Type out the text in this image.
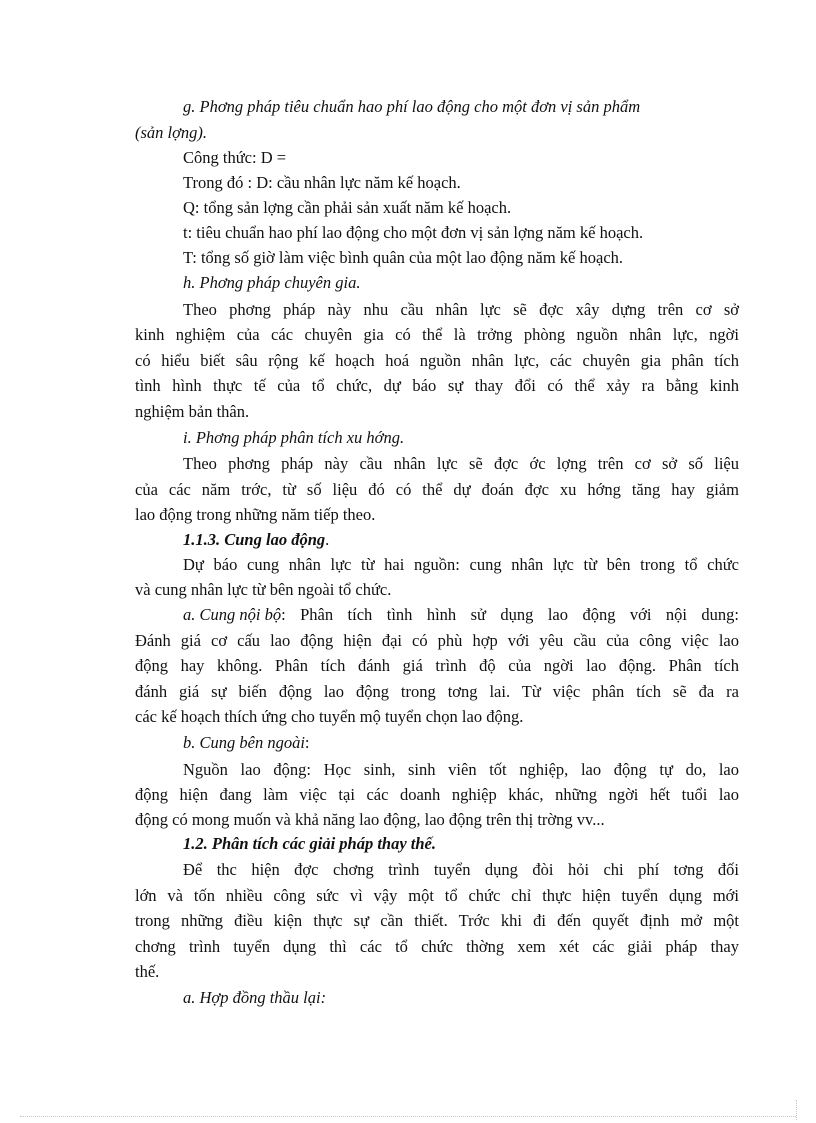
g. Phơng pháp tiêu chuẩn hao phí lao động cho một đơn vị sản phẩm
(sản lợng).
Công thức: D =
Trong đó : D: cầu nhân lực năm kế hoạch.
Q: tổng sản lợng cần phải sản xuất năm kế hoạch.
t: tiêu chuẩn hao phí lao động cho một đơn vị sản lợng năm kế hoạch.
T: tổng số giờ làm việc bình quân của một lao động năm kế hoạch.
h. Phơng pháp chuyên gia.
Theo phơng pháp này nhu cầu nhân lực sẽ đợc xây dựng trên cơ sở
kinh nghiệm của các chuyên gia có thể là trởng phòng nguồn nhân lực, ngời
có hiểu biết sâu rộng kế hoạch hoá nguồn nhân lực, các chuyên gia phân tích
tình hình thực tế của tổ chức, dự báo sự thay đổi có thể xảy ra bằng kinh
nghiệm bản thân.
i. Phơng pháp phân tích xu hớng.
Theo phơng pháp này cầu nhân lực sẽ đợc ớc lợng trên cơ sở số liệu
của các năm trớc, từ số liệu đó có thể dự đoán đợc xu hớng tăng hay giảm
lao động trong những năm tiếp theo.
1.1.3. Cung lao động.
Dự báo cung nhân lực từ hai nguồn: cung nhân lực từ bên trong tổ chức
và cung nhân lực từ bên ngoài tổ chức.
a. Cung nội bộ : Phân tích tình hình sử dụng lao động với nội dung:
Đánh giá cơ cấu lao động hiện đại có phù hợp với yêu cầu của công việc lao
động hay không. Phân tích đánh giá trình độ của ngời lao động. Phân tích
đánh giá sự biến động lao động trong tơng lai. Từ việc phân tích sẽ đa ra
các kế hoạch thích ứng cho tuyển mộ tuyển chọn lao động.
b. Cung bên ngoài:
Nguồn lao động: Học sinh, sinh viên tốt nghiệp, lao động tự do, lao
động hiện đang làm việc tại các doanh nghiệp khác, những ngời hết tuổi lao
động có mong muốn và khả năng lao động, lao động trên thị trờng vv...
1.2. Phân tích các giải pháp thay thế.
Để thc hiện đợc chơng trình tuyển dụng đòi hỏi chi phí tơng đối
lớn và tốn nhiều công sức vì vậy một tổ chức chỉ thực hiện tuyển dụng mới
trong những điều kiện thực sự cần thiết. Trớc khi đi đến quyết định mở một
chơng trình tuyển dụng thì các tổ chức thờng xem xét các giải pháp thay
thế.
a. Hợp đồng thầu lại:
